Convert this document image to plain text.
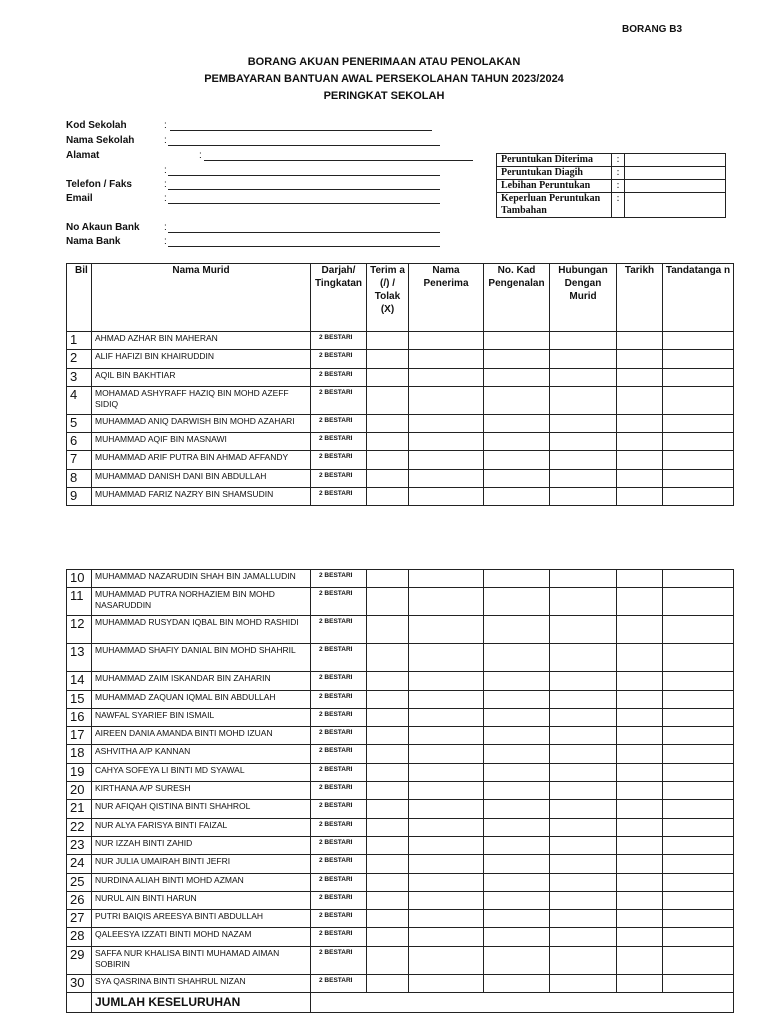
BORANG B3
BORANG AKUAN PENERIMAAN ATAU PENOLAKAN
PEMBAYARAN BANTUAN AWAL PERSEKOLAHAN TAHUN 2023/2024
PERINGKAT SEKOLAH
Kod Sekolah	:
Nama Sekolah	:
Alamat	:
:
Telefon / Faks	:
Email	:
No Akaun Bank :
Nama Bank	:
Peruntukan Diterima	:	
Peruntukan Diagih	:	
Lebihan Peruntukan	:	
Keperluan Peruntukan Tambahan	:	
Bil	Nama Murid	Darjah/ Tingkatan	Terim a (/) / Tolak (X)	Nama Penerima	No. Kad Pengenalan	Hubungan Dengan Murid	Tarikh	Tandatanga n
1	AHMAD AZHAR BIN MAHERAN	2 BESTARI						
2	ALIF HAFIZI BIN KHAIRUDDIN	2 BESTARI						
3	AQIL BIN BAKHTIAR	2 BESTARI						
4	MOHAMAD ASHYRAFF HAZIQ BIN MOHD AZEFF SIDIQ	2 BESTARI						
5	MUHAMMAD ANIQ DARWISH BIN MOHD AZAHARI	2 BESTARI						
6	MUHAMMAD AQIF BIN MASNAWI	2 BESTARI						
7	MUHAMMAD ARIF PUTRA BIN AHMAD AFFANDY	2 BESTARI						
8	MUHAMMAD DANISH DANI BIN ABDULLAH	2 BESTARI						
9	MUHAMMAD FARIZ NAZRY BIN SHAMSUDIN	2 BESTARI						
10	MUHAMMAD NAZARUDIN SHAH BIN JAMALLUDIN	2 BESTARI						
11	MUHAMMAD PUTRA NORHAZIEM BIN MOHD NASARUDDIN	2 BESTARI						
12	MUHAMMAD RUSYDAN IQBAL BIN MOHD RASHIDI	2 BESTARI						
13	MUHAMMAD SHAFIY DANIAL BIN MOHD SHAHRIL	2 BESTARI						
14	MUHAMMAD ZAIM ISKANDAR BIN ZAHARIN	2 BESTARI						
15	MUHAMMAD ZAQUAN IQMAL BIN ABDULLAH	2 BESTARI						
16	NAWFAL SYARIEF BIN ISMAIL	2 BESTARI						
17	AIREEN DANIA AMANDA BINTI MOHD IZUAN	2 BESTARI						
18	ASHVITHA A/P KANNAN	2 BESTARI						
19	CAHYA SOFEYA LI BINTI MD SYAWAL	2 BESTARI						
20	KIRTHANA A/P SURESH	2 BESTARI						
21	NUR AFIQAH QISTINA BINTI SHAHROL	2 BESTARI						
22	NUR ALYA FARISYA BINTI FAIZAL	2 BESTARI						
23	NUR IZZAH BINTI ZAHID	2 BESTARI						
24	NUR JULIA UMAIRAH BINTI JEFRI	2 BESTARI						
25	NURDINA ALIAH BINTI MOHD AZMAN	2 BESTARI						
26	NURUL AIN BINTI HARUN	2 BESTARI						
27	PUTRI BAIQIS AREESYA BINTI ABDULLAH	2 BESTARI						
28	QALEESYA IZZATI BINTI MOHD NAZAM	2 BESTARI						
29	SAFFA NUR KHALISA BINTI MUHAMAD AIMAN SOBIRIN	2 BESTARI						
30	SYA QASRINA BINTI SHAHRUL NIZAN	2 BESTARI						
	JUMLAH KESELURUHAN							
